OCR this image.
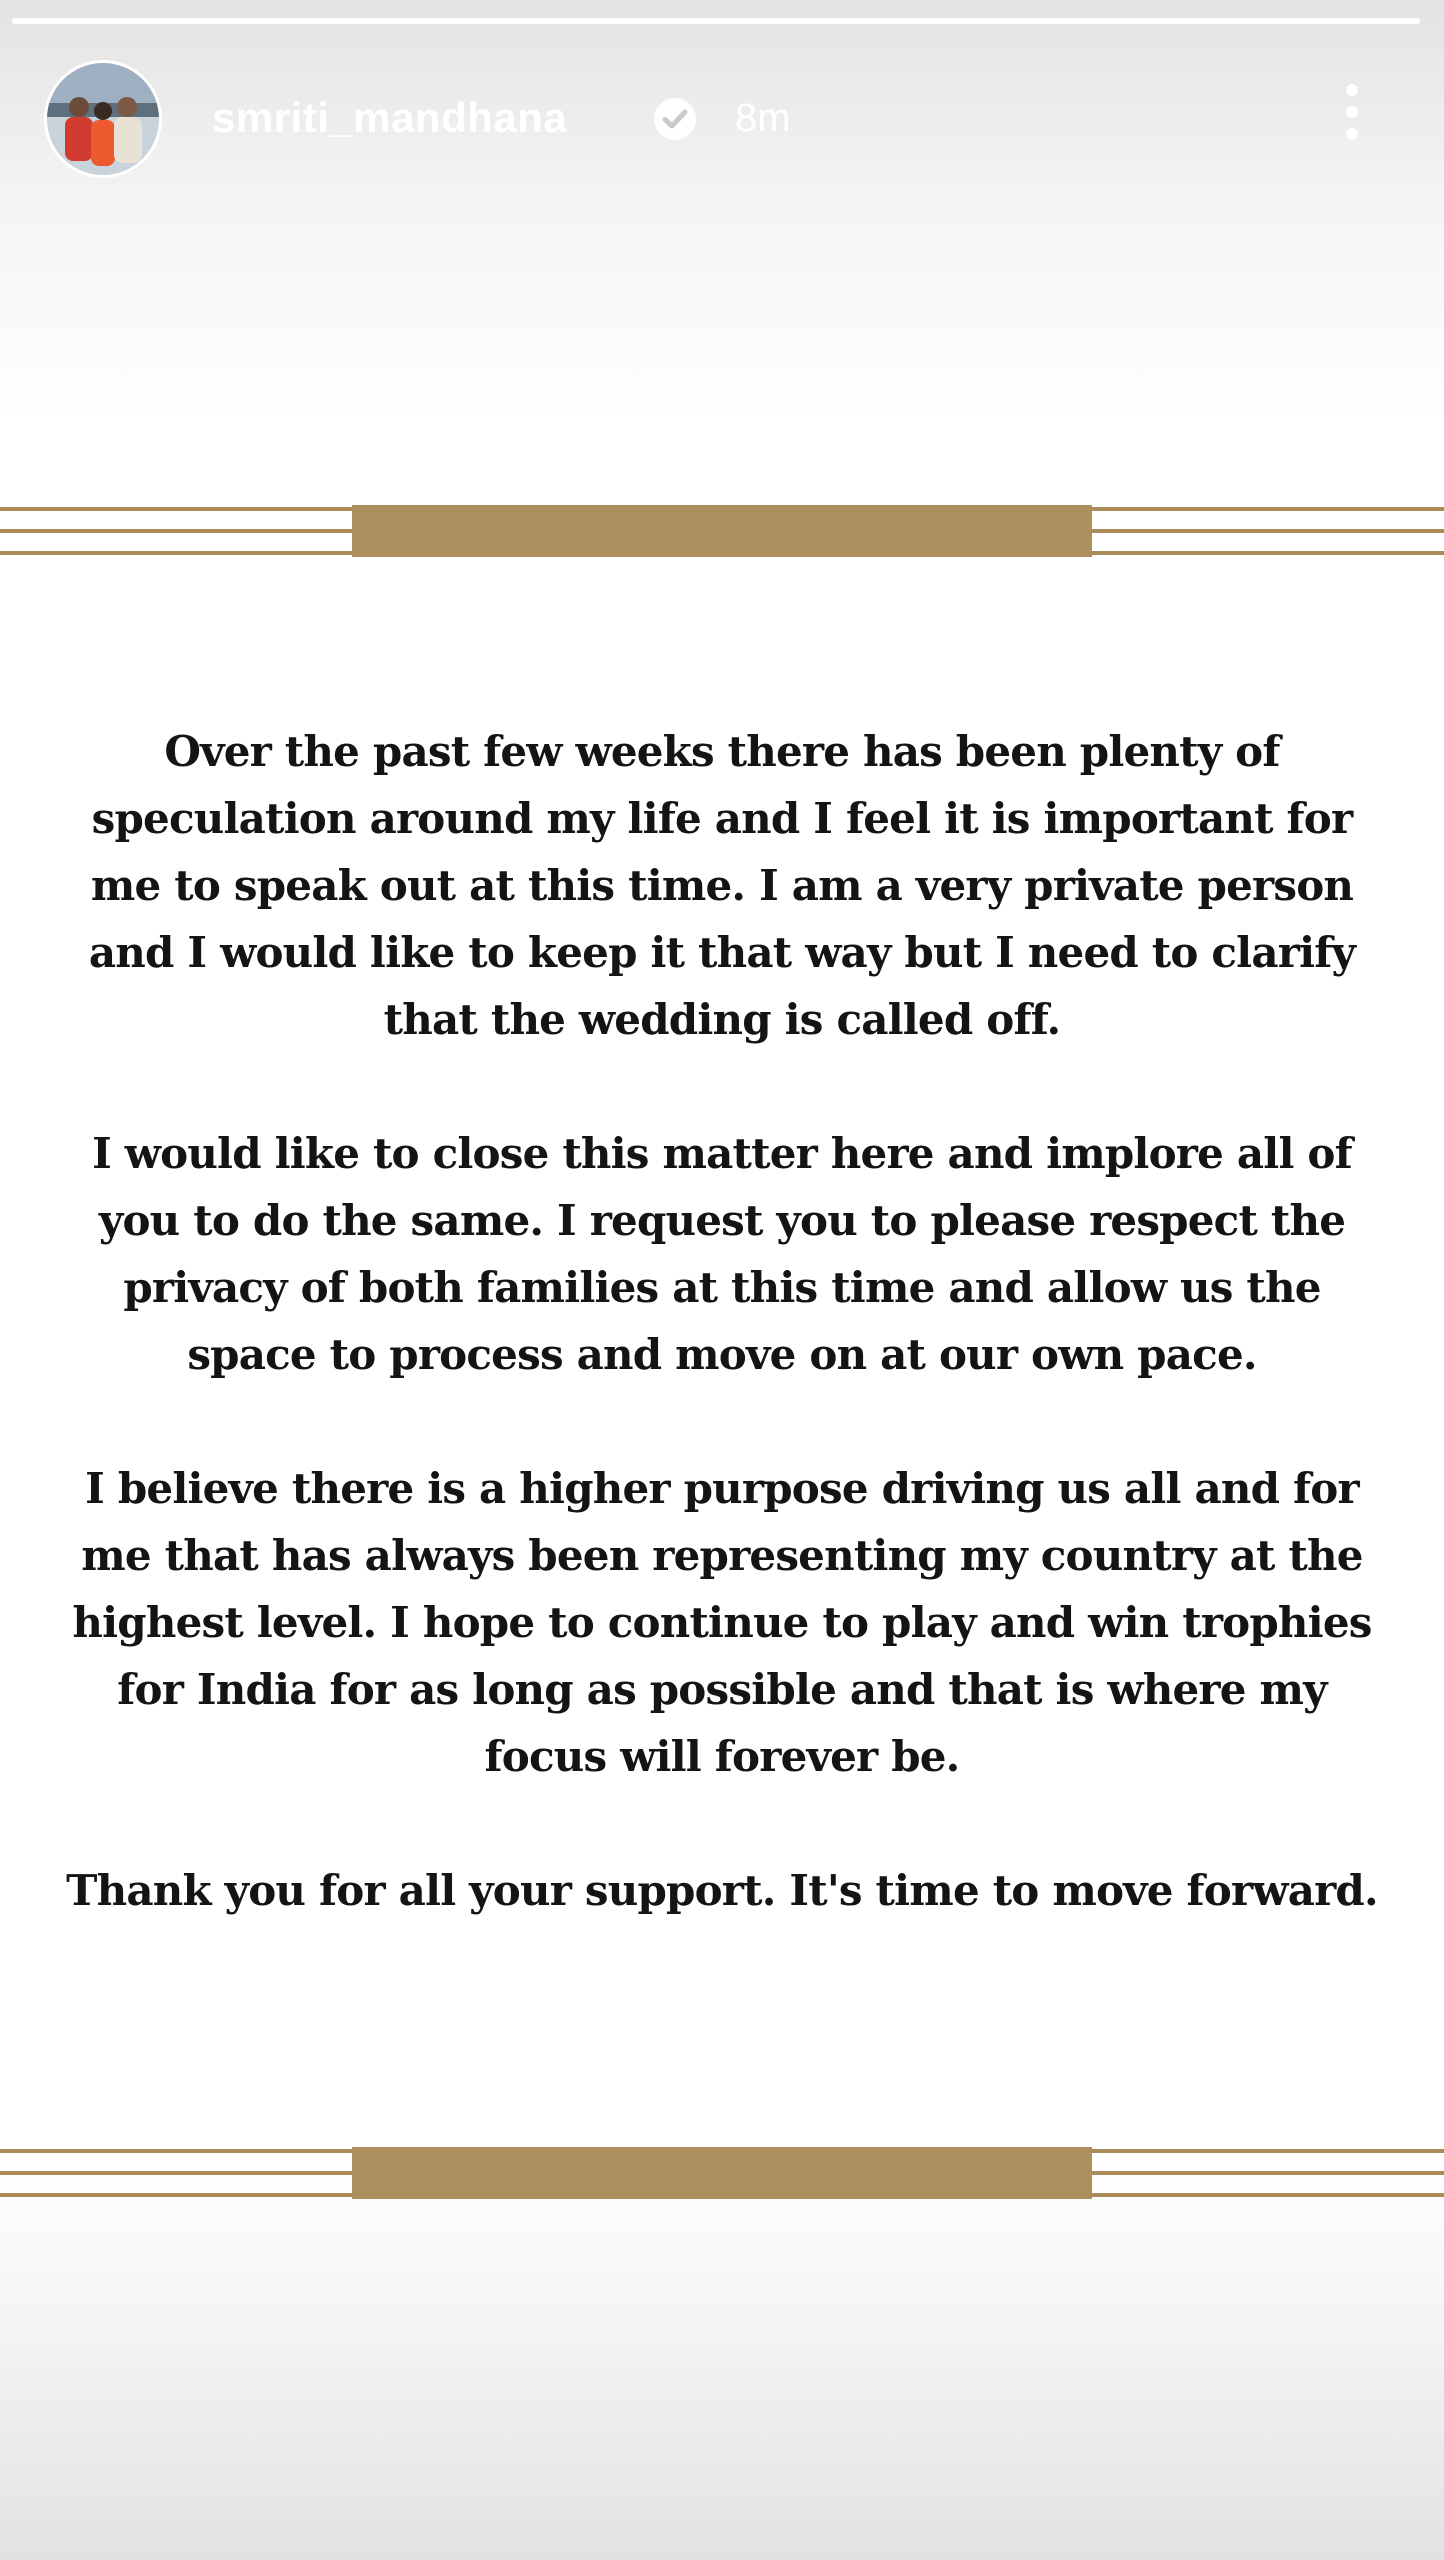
smriti_mandhana	8m

Over the past few weeks there has been plenty of speculation around my life and I feel it is important for me to speak out at this time. I am a very private person and I would like to keep it that way but I need to clarify that the wedding is called off.

I would like to close this matter here and implore all of you to do the same. I request you to please respect the privacy of both families at this time and allow us the space to process and move on at our own pace.

I believe there is a higher purpose driving us all and for me that has always been representing my country at the highest level. I hope to continue to play and win trophies for India for as long as possible and that is where my focus will forever be.

Thank you for all your support. It's time to move forward.
